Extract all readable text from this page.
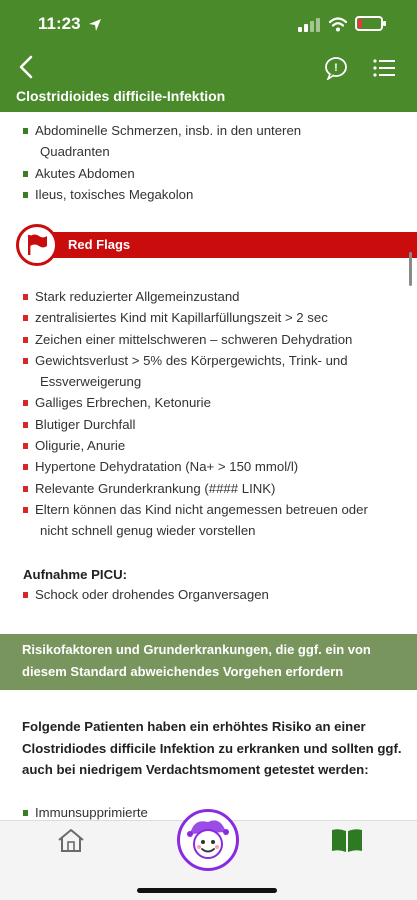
11:23
!
Clostridioides difficile-Infektion
Abdominelle Schmerzen, insb. in den unteren
Quadranten
Akutes Abdomen
Ileus, toxisches Megakolon
Red Flags
Stark reduzierter Allgemeinzustand
zentralisiertes Kind mit Kapillarfüllungszeit > 2 sec
Zeichen einer mittelschweren – schweren Dehydration
Gewichtsverlust > 5% des Körpergewichts, Trink- und
Essverweigerung
Galliges Erbrechen, Ketonurie
Blutiger Durchfall
Oligurie, Anurie
Hypertone Dehydratation (Na+ > 150 mmol/l)
Relevante Grunderkrankung (#### LINK)
Eltern können das Kind nicht angemessen betreuen oder
nicht schnell genug wieder vorstellen
Aufnahme PICU:
Schock oder drohendes Organversagen
Risikofaktoren und Grunderkrankungen, die ggf. ein von diesem Standard abweichendes Vorgehen erfordern
Folgende Patienten haben ein erhöhtes Risiko an einer Clostridiodes difficile Infektion zu erkranken und sollten ggf. auch bei niedrigem Verdachtsmoment getestet werden:
Immunsupprimierte
